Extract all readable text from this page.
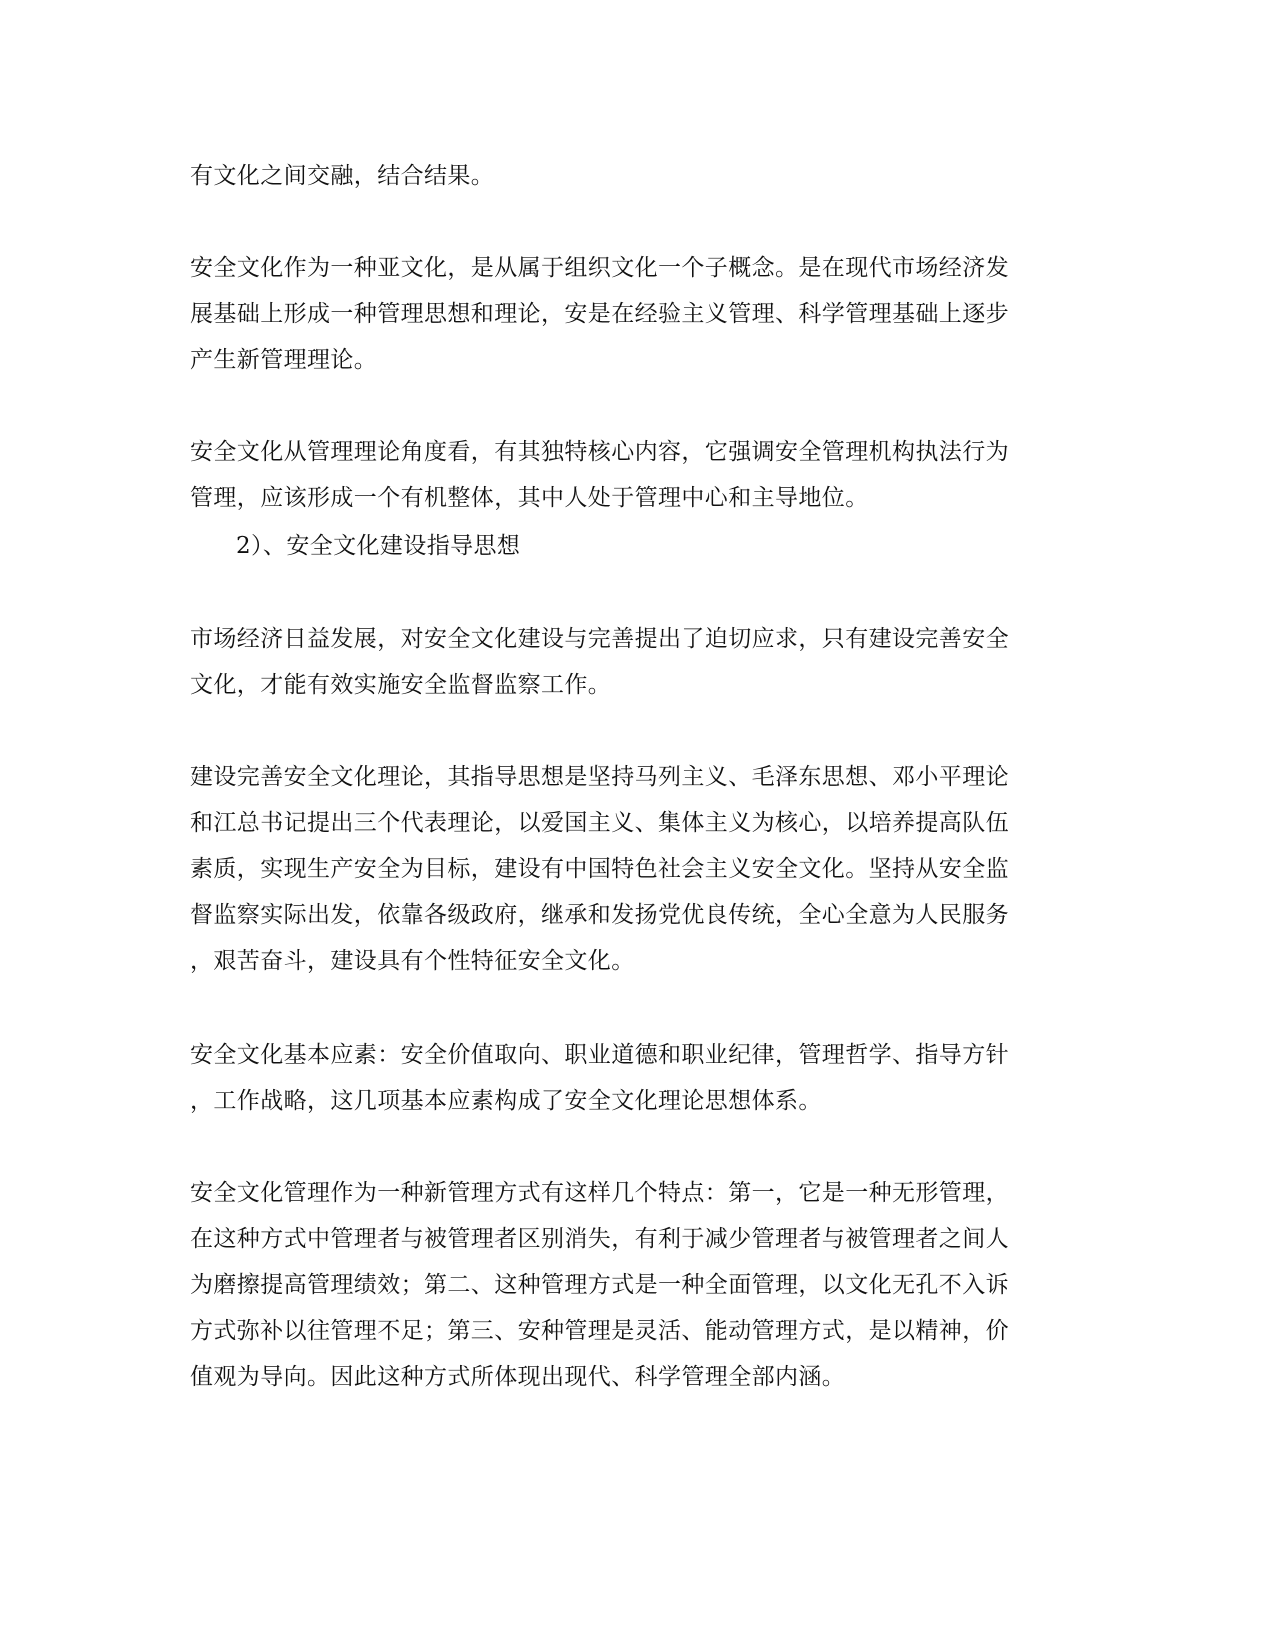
有文化之间交融，结合结果。

安全文化作为一种亚文化，是从属于组织文化一个子概念。是在现代市场经济发

展基础上形成一种管理思想和理论，安是在经验主义管理、科学管理基础上逐步

产生新管理理论。

安全文化从管理理论角度看，有其独特核心内容，它强调安全管理机构执法行为

管理，应该形成一个有机整体，其中人处于管理中心和主导地位。

2）、安全文化建设指导思想

市场经济日益发展，对安全文化建设与完善提出了迫切应求，只有建设完善安全

文化，才能有效实施安全监督监察工作。

建设完善安全文化理论，其指导思想是坚持马列主义、毛泽东思想、邓小平理论

和江总书记提出三个代表理论，以爱国主义、集体主义为核心，以培养提高队伍

素质，实现生产安全为目标，建设有中国特色社会主义安全文化。坚持从安全监

督监察实际出发，依靠各级政府，继承和发扬党优良传统，全心全意为人民服务

，艰苦奋斗，建设具有个性特征安全文化。

安全文化基本应素：安全价值取向、职业道德和职业纪律，管理哲学、指导方针

，工作战略，这几项基本应素构成了安全文化理论思想体系。

安全文化管理作为一种新管理方式有这样几个特点：第一，它是一种无形管理，

在这种方式中管理者与被管理者区别消失，有利于减少管理者与被管理者之间人

为磨擦提高管理绩效；第二、这种管理方式是一种全面管理，以文化无孔不入诉

方式弥补以往管理不足；第三、安种管理是灵活、能动管理方式，是以精神，价

值观为导向。因此这种方式所体现出现代、科学管理全部内涵。
